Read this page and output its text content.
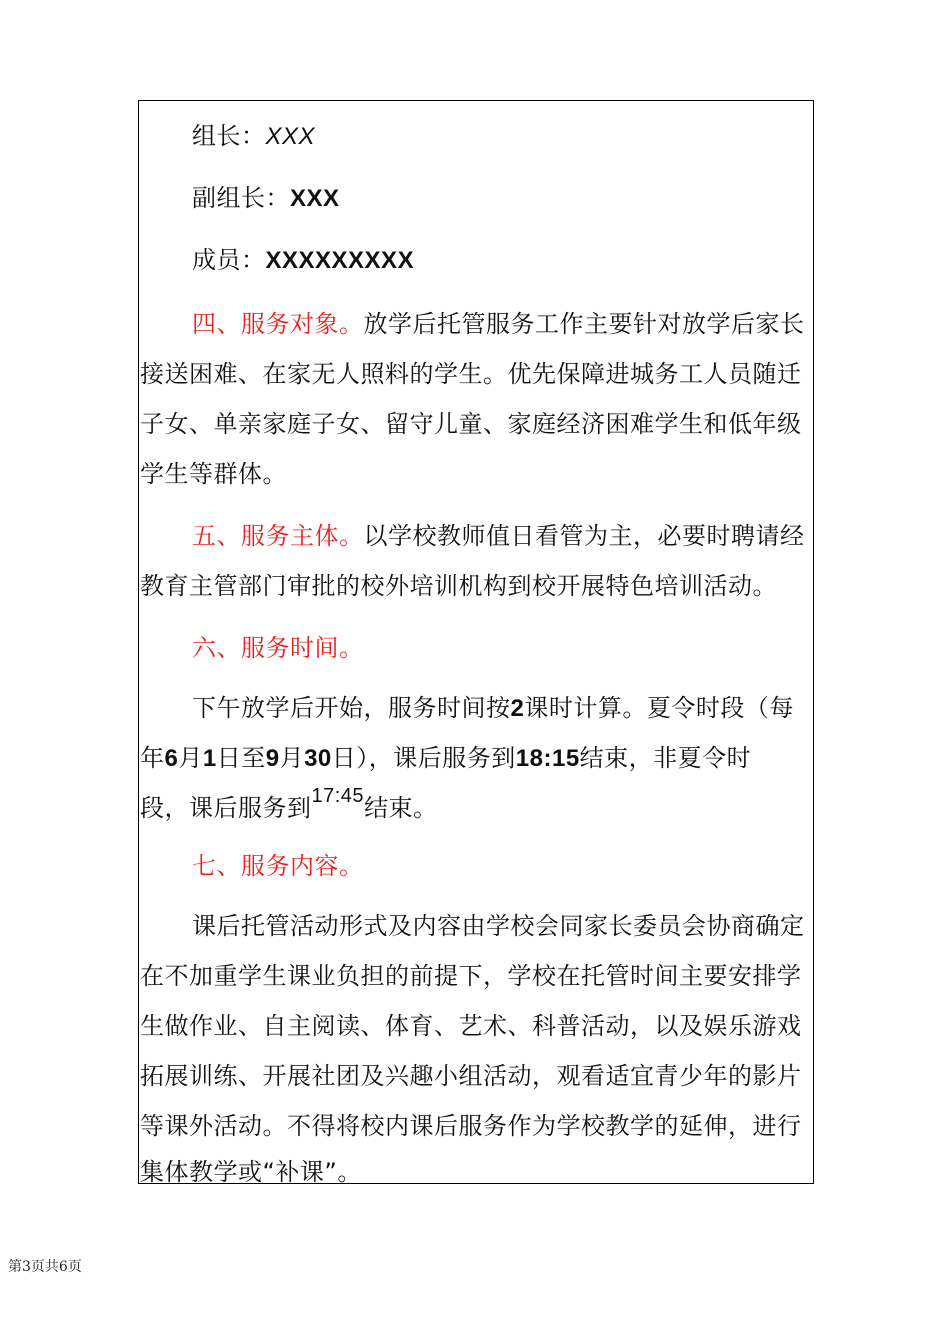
组长：XXX
副组长：XXX
成员：XXXXXXXXX
四、服务对象。放学后托管服务工作主要针对放学后家长
接送困难、在家无人照料的学生。优先保障进城务工人员随迁
子女、单亲家庭子女、留守儿童、家庭经济困难学生和低年级
学生等群体。
五、服务主体。以学校教师值日看管为主，必要时聘请经
教育主管部门审批的校外培训机构到校开展特色培训活动。
六、服务时间。
下午放学后开始，服务时间按2课时计算。夏令时段（每
年6月1日至9月30日），课后服务到18:15结束，非夏令时
段，课后服务到$^{17:45}$结束。
七、服务内容。
课后托管活动形式及内容由学校会同家长委员会协商确定
在不加重学生课业负担的前提下，学校在托管时间主要安排学
生做作业、自主阅读、体育、艺术、科普活动，以及娱乐游戏
拓展训练、开展社团及兴趣小组活动，观看适宜青少年的影片
等课外活动。不得将校内课后服务作为学校教学的延伸，进行
集体教学或“补课”。
第3页共6页
